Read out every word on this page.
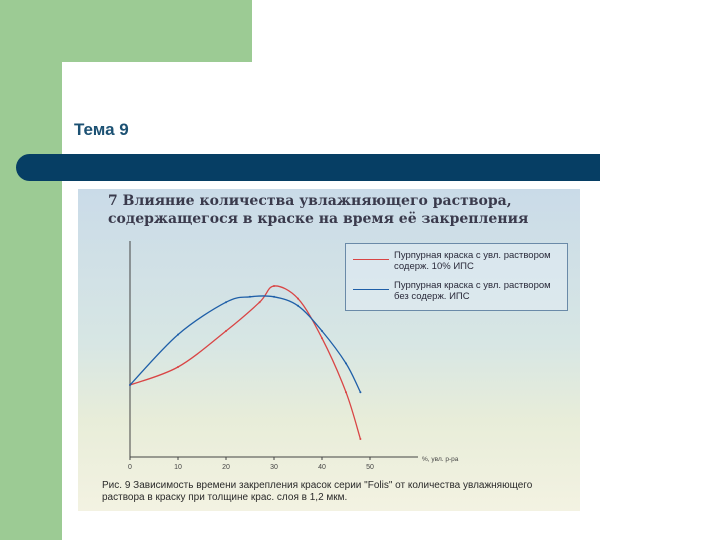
Тема 9
7 Влияние количества увлажняющего раствора, содержащегося в краске на время её закрепления
0	10	20	30	40	50
%, увл. р-ра
Пурпурная краска с увл. раствором содерж. 10% ИПС
Пурпурная краска с увл. раствором без содерж. ИПС
Рис. 9 Зависимость времени закрепления красок серии "Folis" от количества увлажняющего раствора в краску при толщине крас. слоя в 1,2 мкм.
